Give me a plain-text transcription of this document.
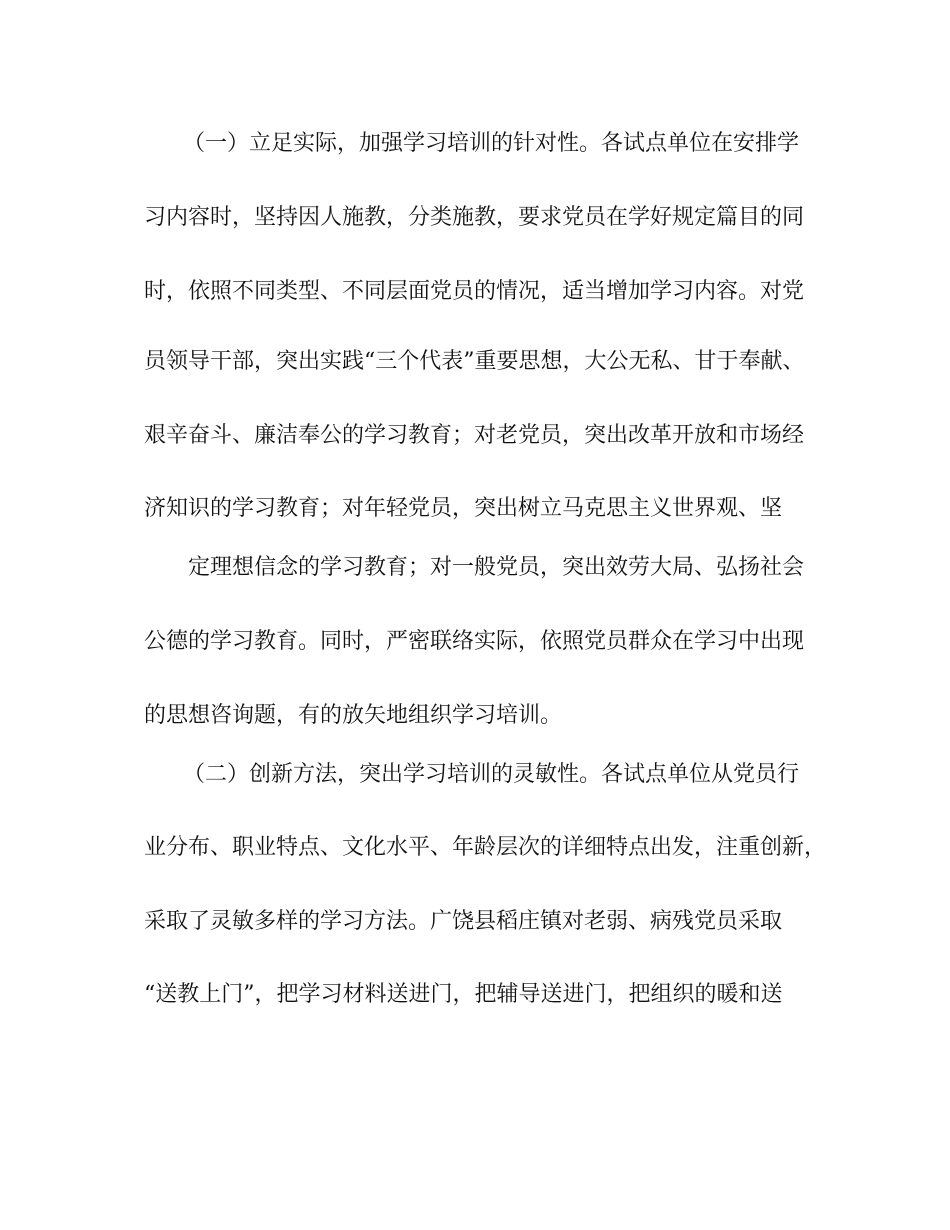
（一）立足实际，加强学习培训的针对性。各试点单位在安排学
习内容时，坚持因人施教，分类施教，要求党员在学好规定篇目的同
时，依照不同类型、不同层面党员的情况，适当增加学习内容。对党
员领导干部，突出实践“三个代表”重要思想，大公无私、甘于奉献、
艰辛奋斗、廉洁奉公的学习教育；对老党员，突出改革开放和市场经
济知识的学习教育；对年轻党员，突出树立马克思主义世界观、坚
定理想信念的学习教育；对一般党员，突出效劳大局、弘扬社会
公德的学习教育。同时，严密联络实际，依照党员群众在学习中出现
的思想咨询题，有的放矢地组织学习培训。
（二）创新方法，突出学习培训的灵敏性。各试点单位从党员行
业分布、职业特点、文化水平、年龄层次的详细特点出发，注重创新，
采取了灵敏多样的学习方法。广饶县稻庄镇对老弱、病残党员采取
“送教上门”，把学习材料送进门，把辅导送进门，把组织的暖和送
